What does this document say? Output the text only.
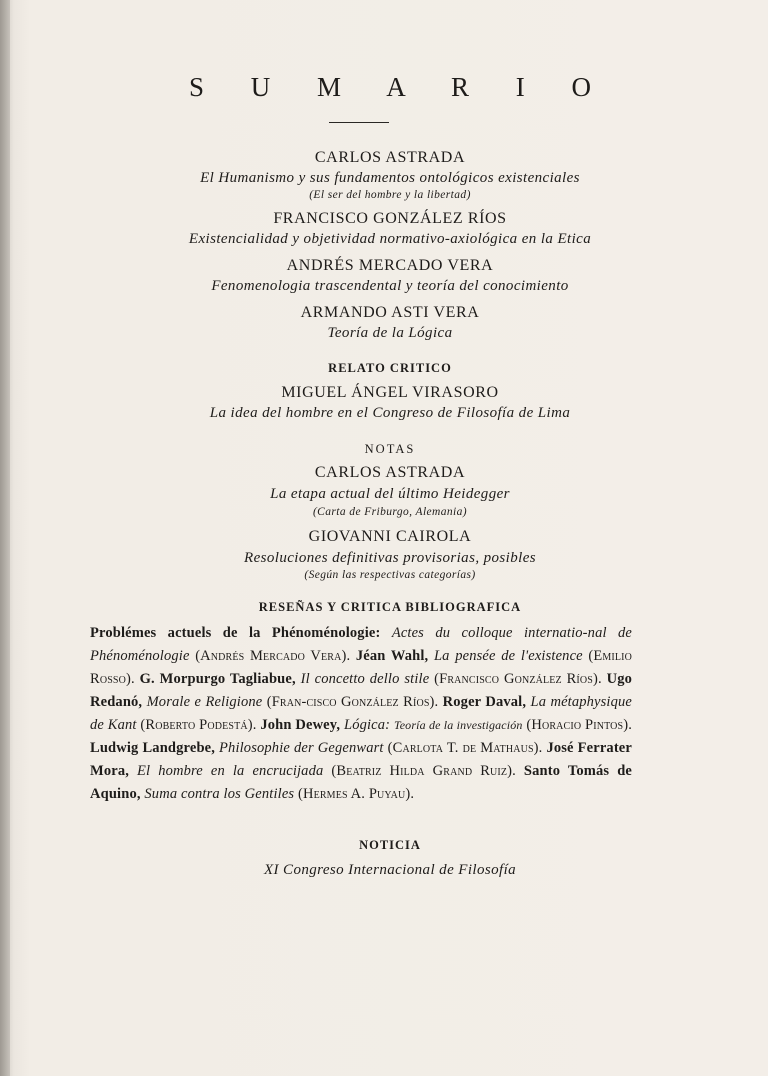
S U M A R I O
CARLOS ASTRADA
El Humanismo y sus fundamentos ontológicos existenciales
(El ser del hombre y la libertad)
FRANCISCO GONZÁLEZ RÍOS
Existencialidad y objetividad normativo-axiológica en la Etica
ANDRÉS MERCADO VERA
Fenomenologia trascendental y teoría del conocimiento
ARMANDO ASTI VERA
Teoría de la Lógica
RELATO CRITICO
MIGUEL ÁNGEL VIRASORO
La idea del hombre en el Congreso de Filosofía de Lima
NOTAS
CARLOS ASTRADA
La etapa actual del último Heidegger
(Carta de Friburgo, Alemania)
GIOVANNI CAIROLA
Resoluciones definitivas provisorias, posibles
(Según las respectivas categorías)
RESEÑAS Y CRITICA BIBLIOGRAFICA
Problémes actuels de la Phénoménologie: Actes du colloque internatio-nal de Phénoménologie (Andrés Mercado Vera). Jéan Wahl, La pensée de l'existence (Emilio Rosso). G. Morpurgo Tagliabue, Il concetto dello stile (Francisco González Ríos). Ugo Redanó, Morale e Religione (Fran-cisco González Ríos). Roger Daval, La métaphysique de Kant (Roberto Podestá). John Dewey, Lógica: Teoría de la investigación (Horacio Pintos). Ludwig Landgrebe, Philosophie der Gegenwart (Carlota T. de Mathaus). José Ferrater Mora, El hombre en la encrucijada (Beatriz Hilda Grand Ruiz). Santo Tomás de Aquino, Suma contra los Gentiles (Hermes A. Puyau).
NOTICIA
XI Congreso Internacional de Filosofía
